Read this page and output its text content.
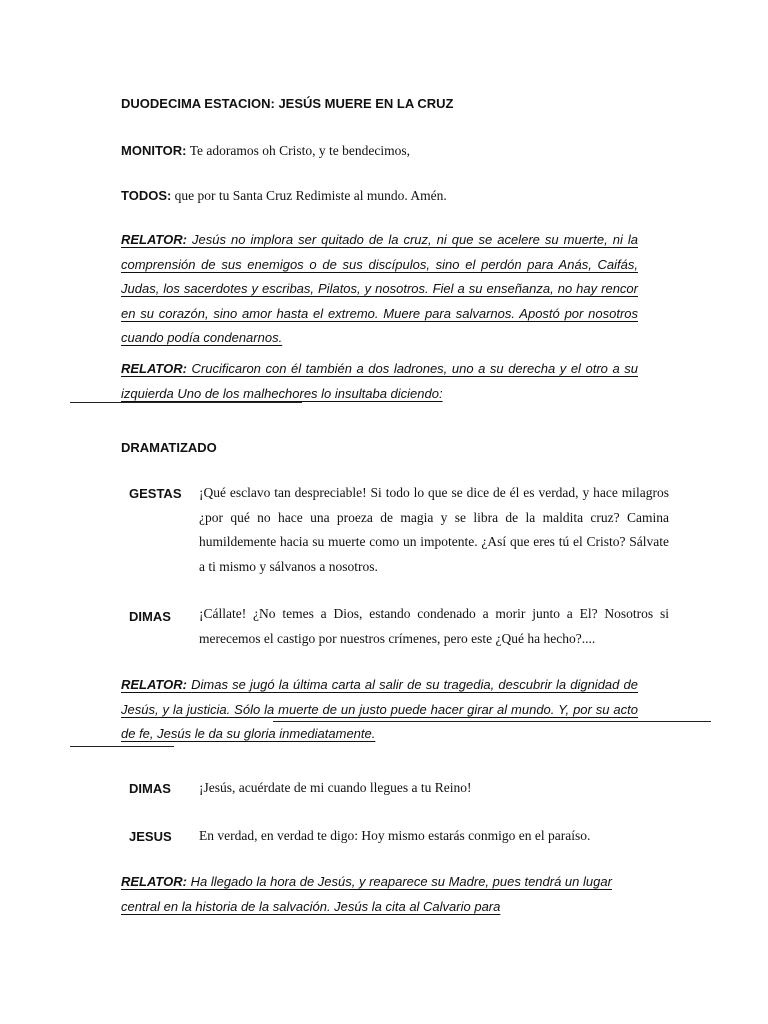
DUODECIMA ESTACION: JESÚS MUERE EN LA CRUZ
MONITOR: Te adoramos oh Cristo, y te bendecimos,
TODOS: que por tu Santa Cruz Redimiste al mundo. Amén.
RELATOR: Jesús no implora ser quitado de la cruz, ni que se acelere su muerte, ni la comprensión de sus enemigos o de sus discípulos, sino el perdón para Anás, Caifás, Judas, los sacerdotes y escribas, Pilatos, y nosotros. Fiel a su enseñanza, no hay rencor en su corazón, sino amor hasta el extremo. Muere para salvarnos. Apostó por nosotros cuando podía condenarnos.
RELATOR: Crucificaron con él también a dos ladrones, uno a su derecha y el otro a su izquierda Uno de los malhechores lo insultaba diciendo:
DRAMATIZADO
GESTAS ¡Qué esclavo tan despreciable! Si todo lo que se dice de él es verdad, y hace milagros ¿por qué no hace una proeza de magia y se libra de la maldita cruz? Camina humildemente hacia su muerte como un impotente. ¿Así que eres tú el Cristo? Sálvate a ti mismo y sálvanos a nosotros.
DIMAS ¡Cállate! ¿No temes a Dios, estando condenado a morir junto a El? Nosotros si merecemos el castigo por nuestros crímenes, pero este ¿Qué ha hecho?....
RELATOR: Dimas se jugó la última carta al salir de su tragedia, descubrir la dignidad de Jesús, y la justicia. Sólo la muerte de un justo puede hacer girar al mundo. Y, por su acto de fe, Jesús le da su gloria inmediatamente.
DIMAS ¡Jesús, acuérdate de mi cuando llegues a tu Reino!
JESUS En verdad, en verdad te digo: Hoy mismo estarás conmigo en el paraíso.
RELATOR: Ha llegado la hora de Jesús, y reaparece su Madre, pues tendrá un lugar central en la historia de la salvación. Jesús la cita al Calvario para
